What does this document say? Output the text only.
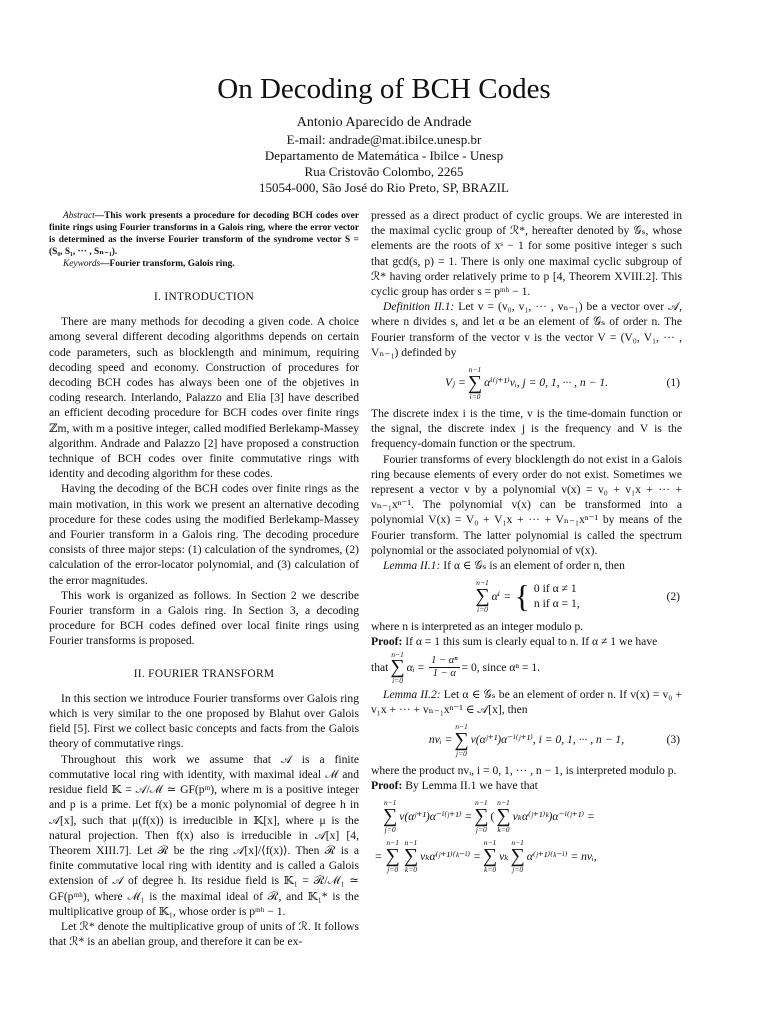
On Decoding of BCH Codes
Antonio Aparecido de Andrade
E-mail: andrade@mat.ibilce.unesp.br
Departamento de Matemática - Ibilce - Unesp
Rua Cristovão Colombo, 2265
15054-000, São José do Rio Preto, SP, BRAZIL
Abstract—This work presents a procedure for decoding BCH codes over finite rings using Fourier transforms in a Galois ring, where the error vector is determined as the inverse Fourier transform of the syndrome vector S = (S₀, S₁, ··· , Sₙ₋₁).
Keywords—Fourier transform, Galois ring.
I. INTRODUCTION

There are many methods for decoding a given code. A choice among several different decoding algorithms depends on certain code parameters, such as blocklength and minimum, requiring decoding speed and economy. Construction of procedures for decoding BCH codes has always been one of the objetives in coding research. Interlando, Palazzo and Elia [3] have described an efficient decoding procedure for BCH codes over finite rings ℤm, with m a positive integer, called modified Berlekamp-Massey algorithm. Andrade and Palazzo [2] have proposed a construction technique of BCH codes over finite commutative rings with identity and decoding algorithm for these codes.

Having the decoding of the BCH codes over finite rings as the main motivation, in this work we present an alternative decoding procedure for these codes using the modified Berlekamp-Massey and Fourier transform in a Galois ring. The decoding procedure consists of three major steps: (1) calculation of the syndromes, (2) calculation of the error-locator polynomial, and (3) calculation of the error magnitudes.

This work is organized as follows. In Section 2 we describe Fourier transform in a Galois ring. In Section 3, a decoding procedure for BCH codes defined over local finite rings using Fourier transforms is proposed.

II. FOURIER TRANSFORM

In this section we introduce Fourier transforms over Galois ring which is very similar to the one proposed by Blahut over Galois field [5]. First we collect basic concepts and facts from the Galois theory of commutative rings.

Throughout this work we assume that 𝒜 is a finite commutative local ring with identity, with maximal ideal ℳ and residue field 𝕂 = 𝒜/ℳ ≃ GF(pᵐ), where m is a positive integer and p is a prime. Let f(x) be a monic polynomial of degree h in 𝒜[x], such that μ(f(x)) is irreducible in 𝕂[x], where μ is the natural projection. Then f(x) also is irreducible in 𝒜[x] [4, Theorem XIII.7]. Let ℛ be the ring 𝒜[x]/⟨f(x)⟩. Then ℛ is a finite commutative local ring with identity and is called a Galois extension of 𝒜 of degree h. Its residue field is 𝕂₁ = ℛ/ℳ₁ ≃ GF(pᵐʰ), where ℳ₁ is the maximal ideal of ℛ, and 𝕂₁* is the multiplicative group of 𝕂₁, whose order is pᵐʰ − 1.

Let ℛ* denote the multiplicative group of units of ℛ. It follows that ℛ* is an abelian group, and therefore it can be ex-

pressed as a direct product of cyclic groups. We are interested in the maximal cyclic group of ℛ*, hereafter denoted by 𝒢ₛ, whose elements are the roots of xˢ − 1 for some positive integer s such that gcd(s, p) = 1. There is only one maximal cyclic subgroup of ℛ* having order relatively prime to p [4, Theorem XVIII.2]. This cyclic group has order s = pᵐʰ − 1.

Definition II.1: Let v = (v₀, v₁, ··· , vₙ₋₁) be a vector over 𝒜, where n divides s, and let α be an element of 𝒢ₛ of order n. The Fourier transform of the vector v is the vector V = (V₀, V₁, ··· , Vₙ₋₁) definded by

Vⱼ =
n−1
∑
i=0
αⁱ⁽ʲ⁺¹⁾vᵢ, j = 0, 1, ··· , n − 1.	(1)

The discrete index i is the time, v is the time-domain function or the signal, the discrete index j is the frequency and V is the frequency-domain function or the spectrum.

Fourier transforms of every blocklength do not exist in a Galois ring because elements of every order do not exist. Sometimes we represent a vector v by a polynomial v(x) = v₀ + v₁x + ··· + vₙ₋₁xⁿ⁻¹. The polynomial v(x) can be transformed into a polynomial V(x) = V₀ + V₁x + ··· + Vₙ₋₁xⁿ⁻¹ by means of the Fourier transform. The latter polynomial is called the spectrum polynomial or the associated polynomial of v(x).

Lemma II.1: If α ∈ 𝒢ₛ is an element of order n, then

n−1
∑
i=0
αⁱ = { 0 if α ≠ 1
n if α = 1,
(2)

where n is interpreted as an integer modulo p.

Proof: If α = 1 this sum is clearly equal to n. If α ≠ 1 we have

that
n−1
∑
i=0
αᵢ = $\frac{\text{1 − αⁿ}}{1 - \alpha} = 0$, since αⁿ = 1.

Lemma II.2: Let α ∈ 𝒢ₛ be an element of order n. If v(x) = v₀ + v₁x + ··· + vₙ₋₁xⁿ⁻¹ ∈ 𝒜[x], then

nvᵢ =
n−1
∑
j=0
v(αʲ⁺¹)α⁻ⁱ⁽ʲ⁺¹⁾, i = 0, 1, ··· , n − 1,	(3)

where the product nvᵢ, i = 0, 1, ··· , n − 1, is interpreted modulo p.

Proof: By Lemma II.1 we have that

n−1
∑
j=0
v(αʲ⁺¹)α⁻ⁱ⁽ʲ⁺¹⁾ =
n−1
∑
j=0
(
n−1
∑
k=0
vₖα⁽ʲ⁺¹⁾ᵏ)α⁻ⁱ⁽ʲ⁺¹⁾ =
=
n−1
∑
j=0
n−1
∑
k=0
vₖα⁽ʲ⁺¹⁾⁽ᵏ⁻ⁱ⁾ =
n−1
∑
k=0
vₖ
n−1
∑
j=0
α⁽ʲ⁺¹⁾⁽ᵏ⁻ⁱ⁾ = nvᵢ,
